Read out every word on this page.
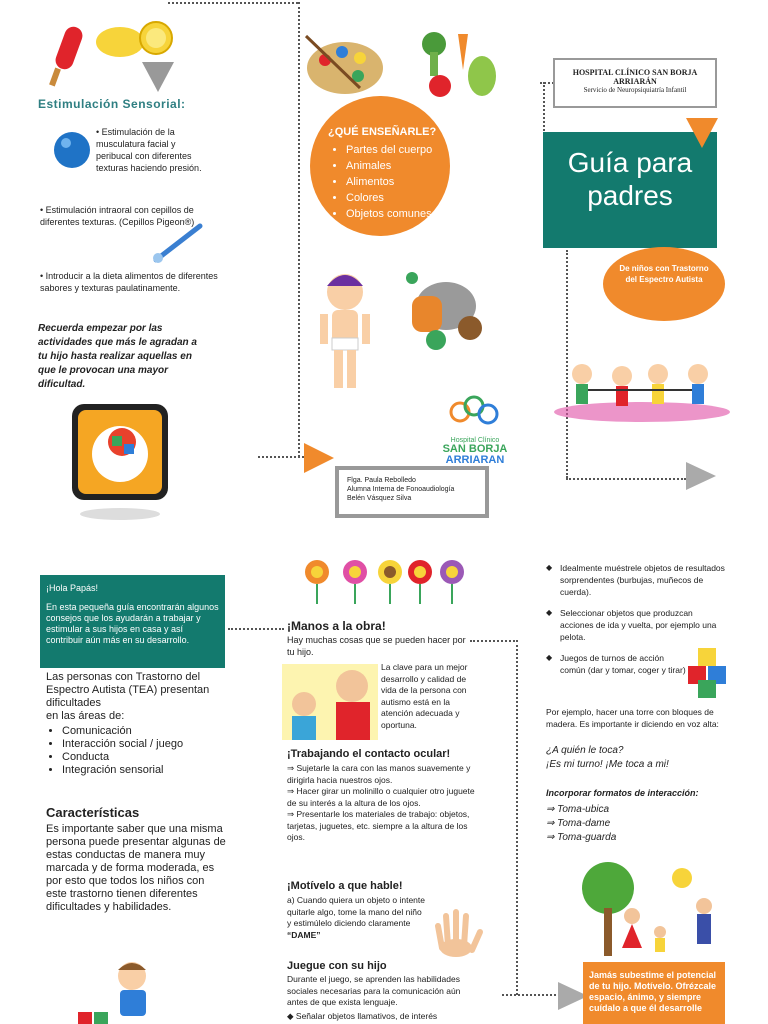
Estimulación Sensorial:
• Estimulación de la musculatura facial y peribucal con diferentes texturas haciendo presión.
• Estimulación intraoral con cepillos de diferentes texturas. (Cepillos Pigeon®)
• Introducir a la dieta alimentos de diferentes sabores y texturas paulatinamente.
Recuerda empezar por las actividades que más le agradan a tu hijo hasta realizar aquellas en que le provocan una mayor dificultad.
¿QUÉ ENSEÑARLE?
• Partes del cuerpo
• Animales
• Alimentos
• Colores
• Objetos comunes
Hospital Clínico
SAN BORJA
ARRIARAN
Flga. Paula Rebolledo
Alumna Interna de Fonoaudiología
Belén Vásquez Silva
HOSPITAL CLÍNICO SAN BORJA ARRIARÁN
Servicio de Neuropsiquiatría Infantil
Guía para padres
De niños con Trastorno del Espectro Autista
¡Hola Papás!
En esta pequeña guía encontrarán algunos consejos que los ayudarán a trabajar y estimular a sus hijos en casa y así contribuir aún más en su desarrollo.
Las personas con Trastorno del Espectro Autista (TEA) presentan dificultades
en las áreas de:
• Comunicación
• Interacción social / juego
• Conducta
• Integración sensorial
Características
Es importante saber que una misma persona puede presentar algunas de estas conductas de manera muy marcada y de forma moderada, es por esto que todos los niños con este trastorno tienen diferentes dificultades y habilidades.
¡Manos a la obra!
Hay muchas cosas que se pueden hacer por tu hijo.
La clave para un mejor desarrollo y calidad de vida de la persona con autismo está en la atención adecuada y oportuna.
¡Trabajando el contacto ocular!
⇒ Sujetarle la cara con las manos suavemente y dirigirla hacia nuestros ojos.
⇒ Hacer girar un molinillo o cualquier otro juguete de su interés a la altura de los ojos.
⇒ Presentarle los materiales de trabajo: objetos, tarjetas, juguetes, etc. siempre a la altura de los ojos.
¡Motívelo a que hable!
a) Cuando quiera un objeto o intente quitarle algo, tome la mano del niño y estimúlelo diciendo claramente “DAME”
Juegue con su hijo
Durante el juego, se aprenden las habilidades sociales necesarias para la comunicación aún antes de que exista lenguaje.
◆ Señalar objetos llamativos, de interés
◆ Idealmente muéstrele objetos de resultados sorprendentes (burbujas, muñecos de cuerda).
◆ Seleccionar objetos que produzcan acciones de ida y vuelta, por ejemplo una pelota.
◆ Juegos de turnos de acción común (dar y tomar, coger y tirar)
Por ejemplo, hacer una torre con bloques de madera. Es importante ir diciendo en voz alta:
¿A quién le toca?
¡Es mi turno! ¡Me toca a mi!
Incorporar formatos de interacción:
⇒ Toma-ubica
⇒ Toma-dame
⇒ Toma-guarda
Jamás subestime el potencial de tu hijo. Motívelo. Ofrézcale espacio, ánimo, y siempre cuídalo a que él desarrolle
